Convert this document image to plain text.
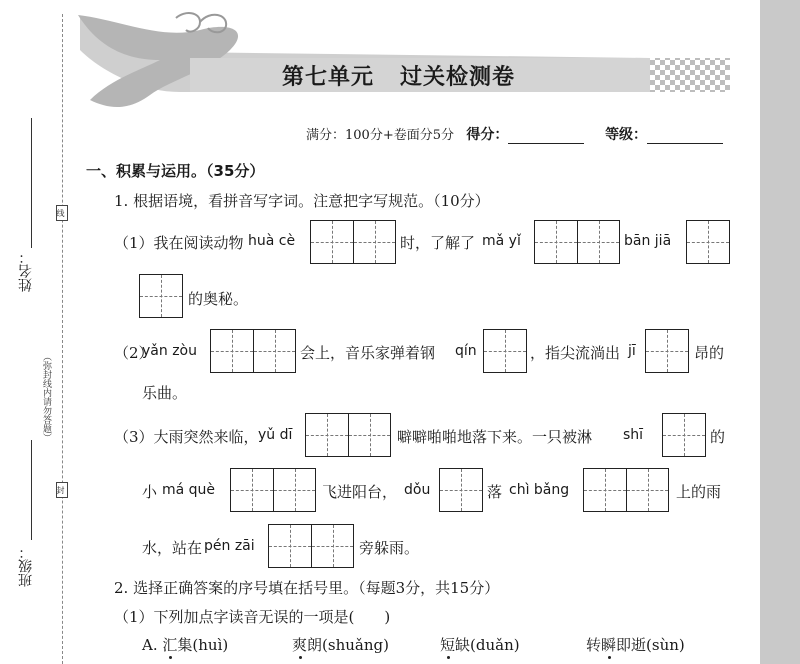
第七单元 过关检测卷
满分：100分+卷面分5分 得分：	等级：
姓名：
线
（弥封线内请勿答题）
封
班级：
一、积累与运用。（35分）
1. 根据语境，看拼音写字词。注意把字写规范。（10分）
（1）我在阅读动物 huà cè	时，了解了 mǎ yǐ	bān jiā
的奥秘。
（2）
yǎn zòu	会上，音乐家弹着钢 qín	，指尖流淌出 jī	昂的
乐曲。
（3）大雨突然来临， yǔ dī	噼噼啪啪地落下来。一只被淋 shī	的
小 má què	飞进阳台， dǒu	落 chì bǎng	上的雨
水，站在 pén zāi	旁躲雨。
2. 选择正确答案的序号填在括号里。（每题3分，共15分）
（1）下列加点字读音无误的一项是(　　)
A. 汇集(huì)	爽朗(shuǎng)	短缺(duǎn)	转瞬即逝(sùn)
